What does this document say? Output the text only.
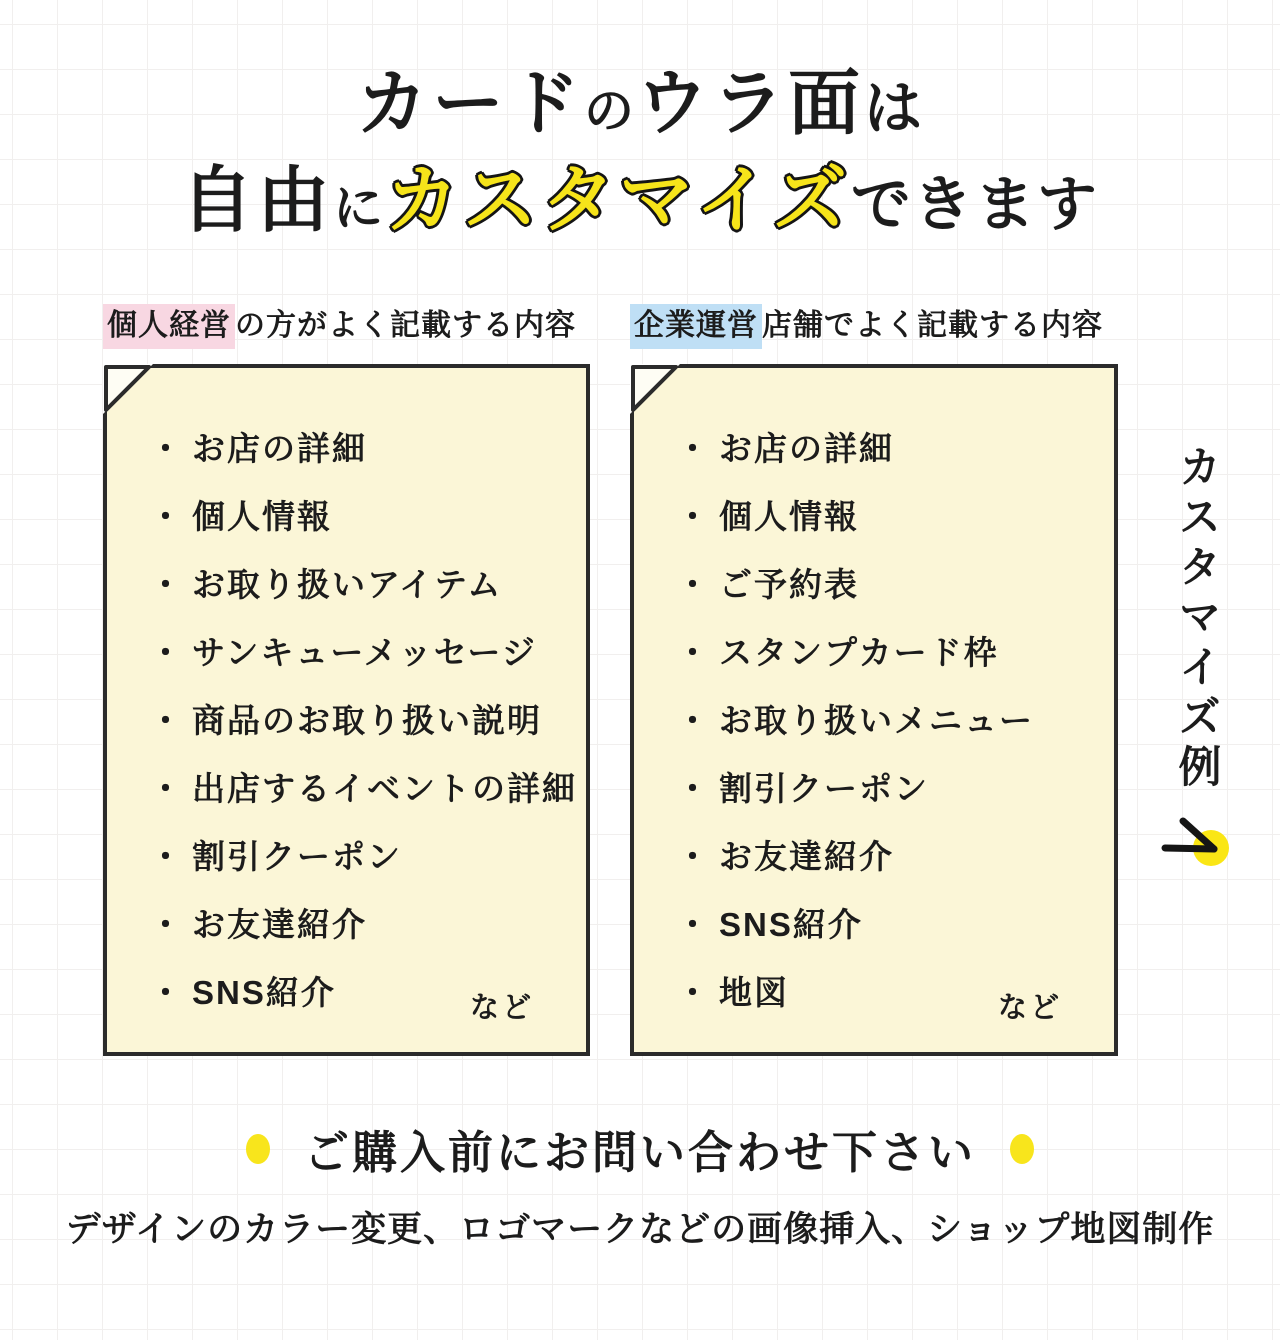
カードのウラ面は
自由にカスタマイズできます
個人経営 の方がよく記載する内容
・ お店の詳細
・ 個人情報
・ お取り扱いアイテム
・ サンキューメッセージ
・ 商品のお取り扱い説明
・ 出店するイベントの詳細
・ 割引クーポン
・ お友達紹介
・ SNS紹介	など
企業運営 店舗でよく記載する内容
・ お店の詳細
・ 個人情報
・ ご予約表
・ スタンプカード枠
・ お取り扱いメニュー
・ 割引クーポン
・ お友達紹介
・ SNS紹介
・ 地図	など
カスタマイズ例
ご購入前にお問い合わせ下さい
デザインのカラー変更、ロゴマークなどの画像挿入、ショップ地図制作
